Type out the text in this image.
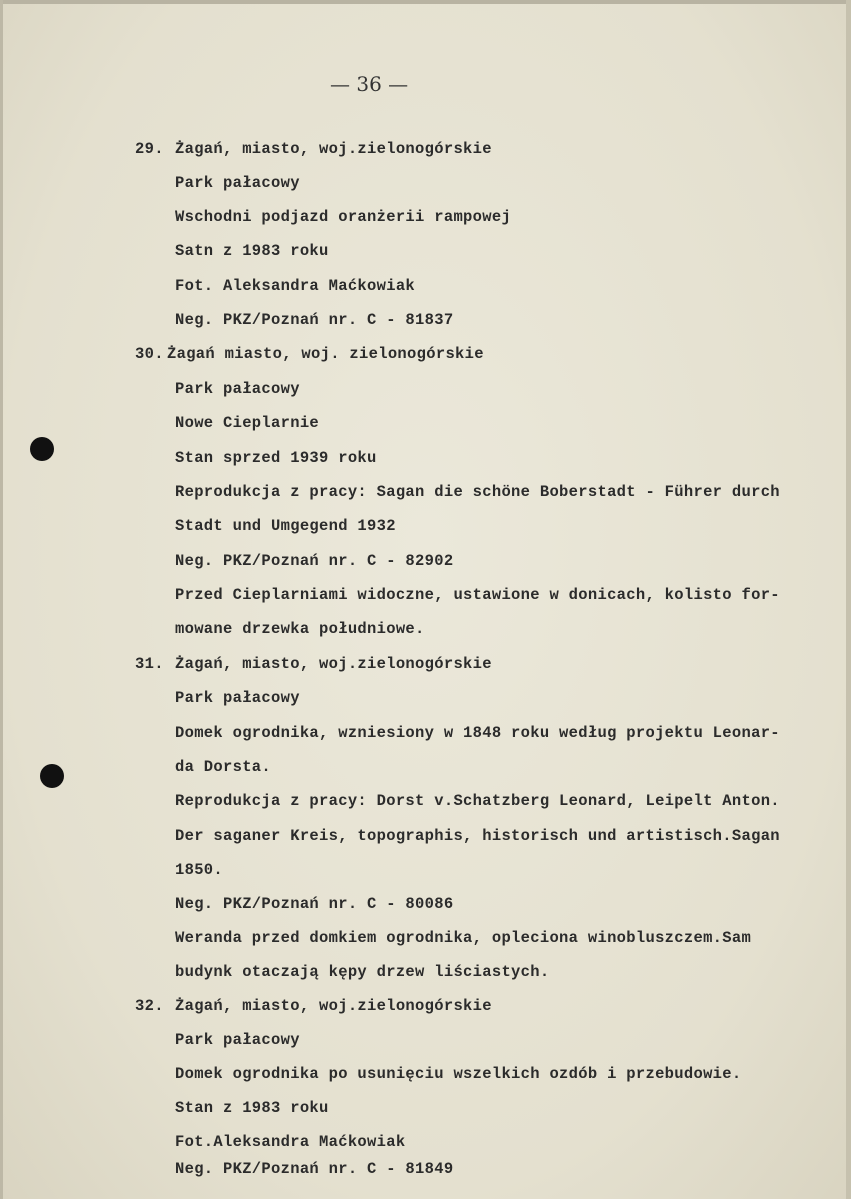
— 36 —
29. Żagań, miasto, woj.zielonogórskie
Park pałacowy
Wschodni podjazd oranżerii rampowej
Satn z 1983 roku
Fot. Aleksandra Maćkowiak
Neg. PKZ/Poznań nr. C - 81837
30. Żagań miasto, woj. zielonogórskie
Park pałacowy
Nowe Cieplarnie
Stan sprzed 1939 roku
Reprodukcja z pracy: Sagan die schöne Boberstadt - Führer durch
Stadt und Umgegend 1932
Neg. PKZ/Poznań nr. C - 82902
Przed Cieplarniami widoczne, ustawione w donicach, kolisto for-
mowane drzewka południowe.
31. Żagań, miasto, woj.zielonogórskie
Park pałacowy
Domek ogrodnika, wzniesiony w 1848 roku według projektu Leonar-
da Dorsta.
Reprodukcja z pracy: Dorst v.Schatzberg Leonard, Leipelt Anton.
Der saganer Kreis, topographis, historisch und artistisch.Sagan
1850.
Neg. PKZ/Poznań nr. C - 80086
Weranda przed domkiem ogrodnika, opleciona winobluszczem.Sam
budynk otaczają kępy drzew liściastych.
32. Żagań, miasto, woj.zielonogórskie
Park pałacowy
Domek ogrodnika po usunięciu wszelkich ozdób i przebudowie.
Stan z 1983 roku
Fot.Aleksandra Maćkowiak
Neg. PKZ/Poznań nr. C - 81849
